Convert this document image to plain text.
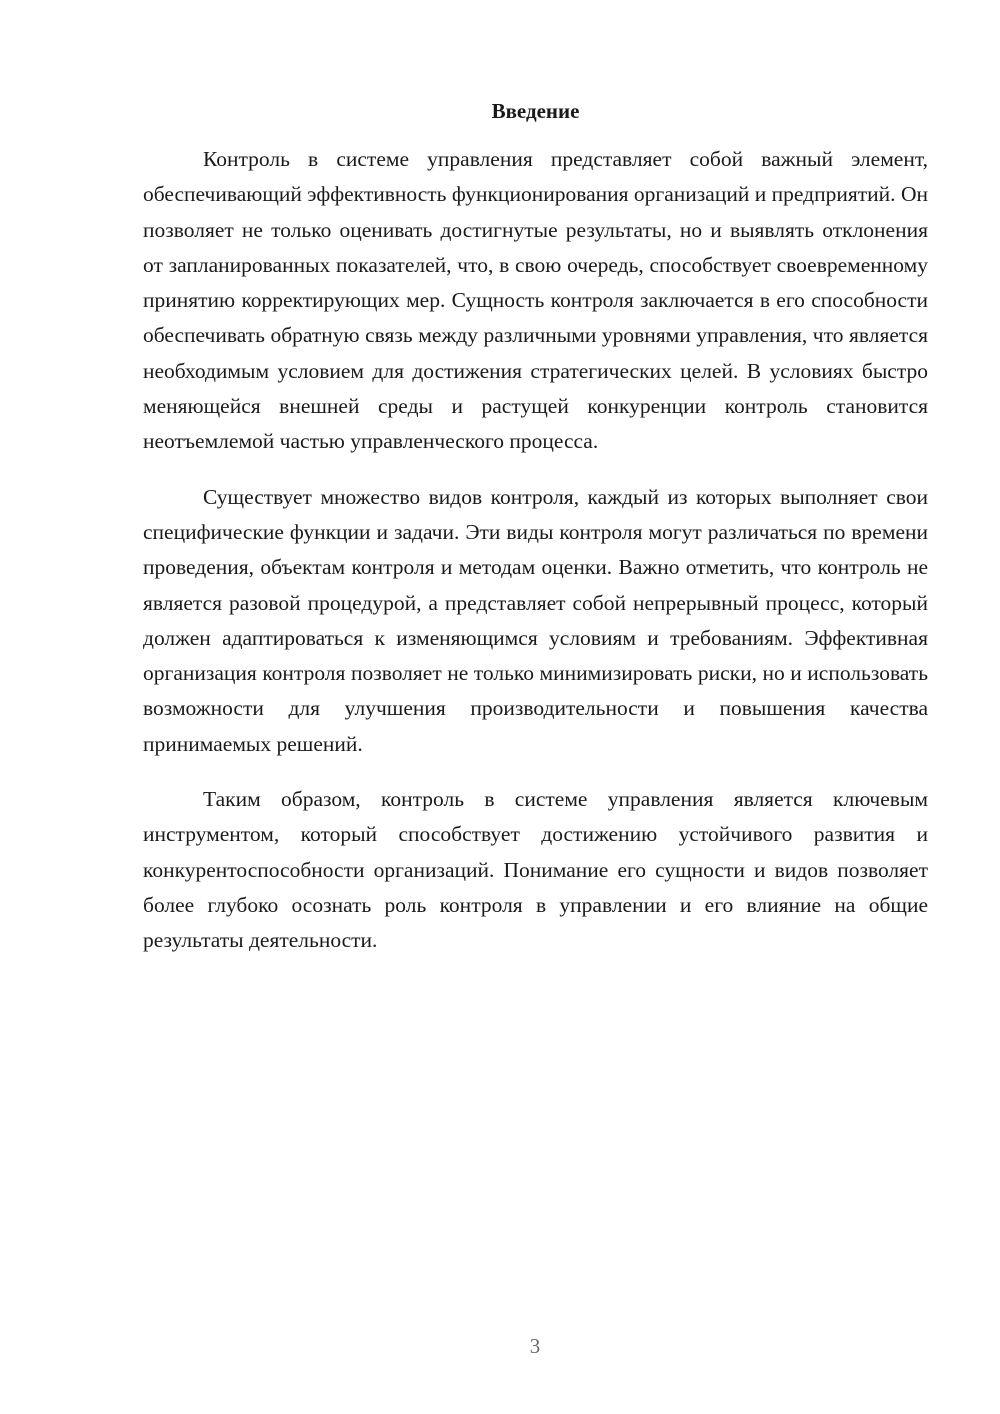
Введение

Контроль в системе управления представляет собой важный элемент, обеспечивающий эффективность функционирования организаций и предприятий. Он позволяет не только оценивать достигнутые результаты, но и выявлять отклонения от запланированных показателей, что, в свою очередь, способствует своевременному принятию корректирующих мер. Сущность контроля заключается в его способности обеспечивать обратную связь между различными уровнями управления, что является необходимым условием для достижения стратегических целей. В условиях быстро меняющейся внешней среды и растущей конкуренции контроль становится неотъемлемой частью управленческого процесса.

Существует множество видов контроля, каждый из которых выполняет свои специфические функции и задачи. Эти виды контроля могут различаться по времени проведения, объектам контроля и методам оценки. Важно отметить, что контроль не является разовой процедурой, а представляет собой непрерывный процесс, который должен адаптироваться к изменяющимся условиям и требованиям. Эффективная организация контроля позволяет не только минимизировать риски, но и использовать возможности для улучшения производительности и повышения качества принимаемых решений.

Таким образом, контроль в системе управления является ключевым инструментом, который способствует достижению устойчивого развития и конкурентоспособности организаций. Понимание его сущности и видов позволяет более глубоко осознать роль контроля в управлении и его влияние на общие результаты деятельности.

3
